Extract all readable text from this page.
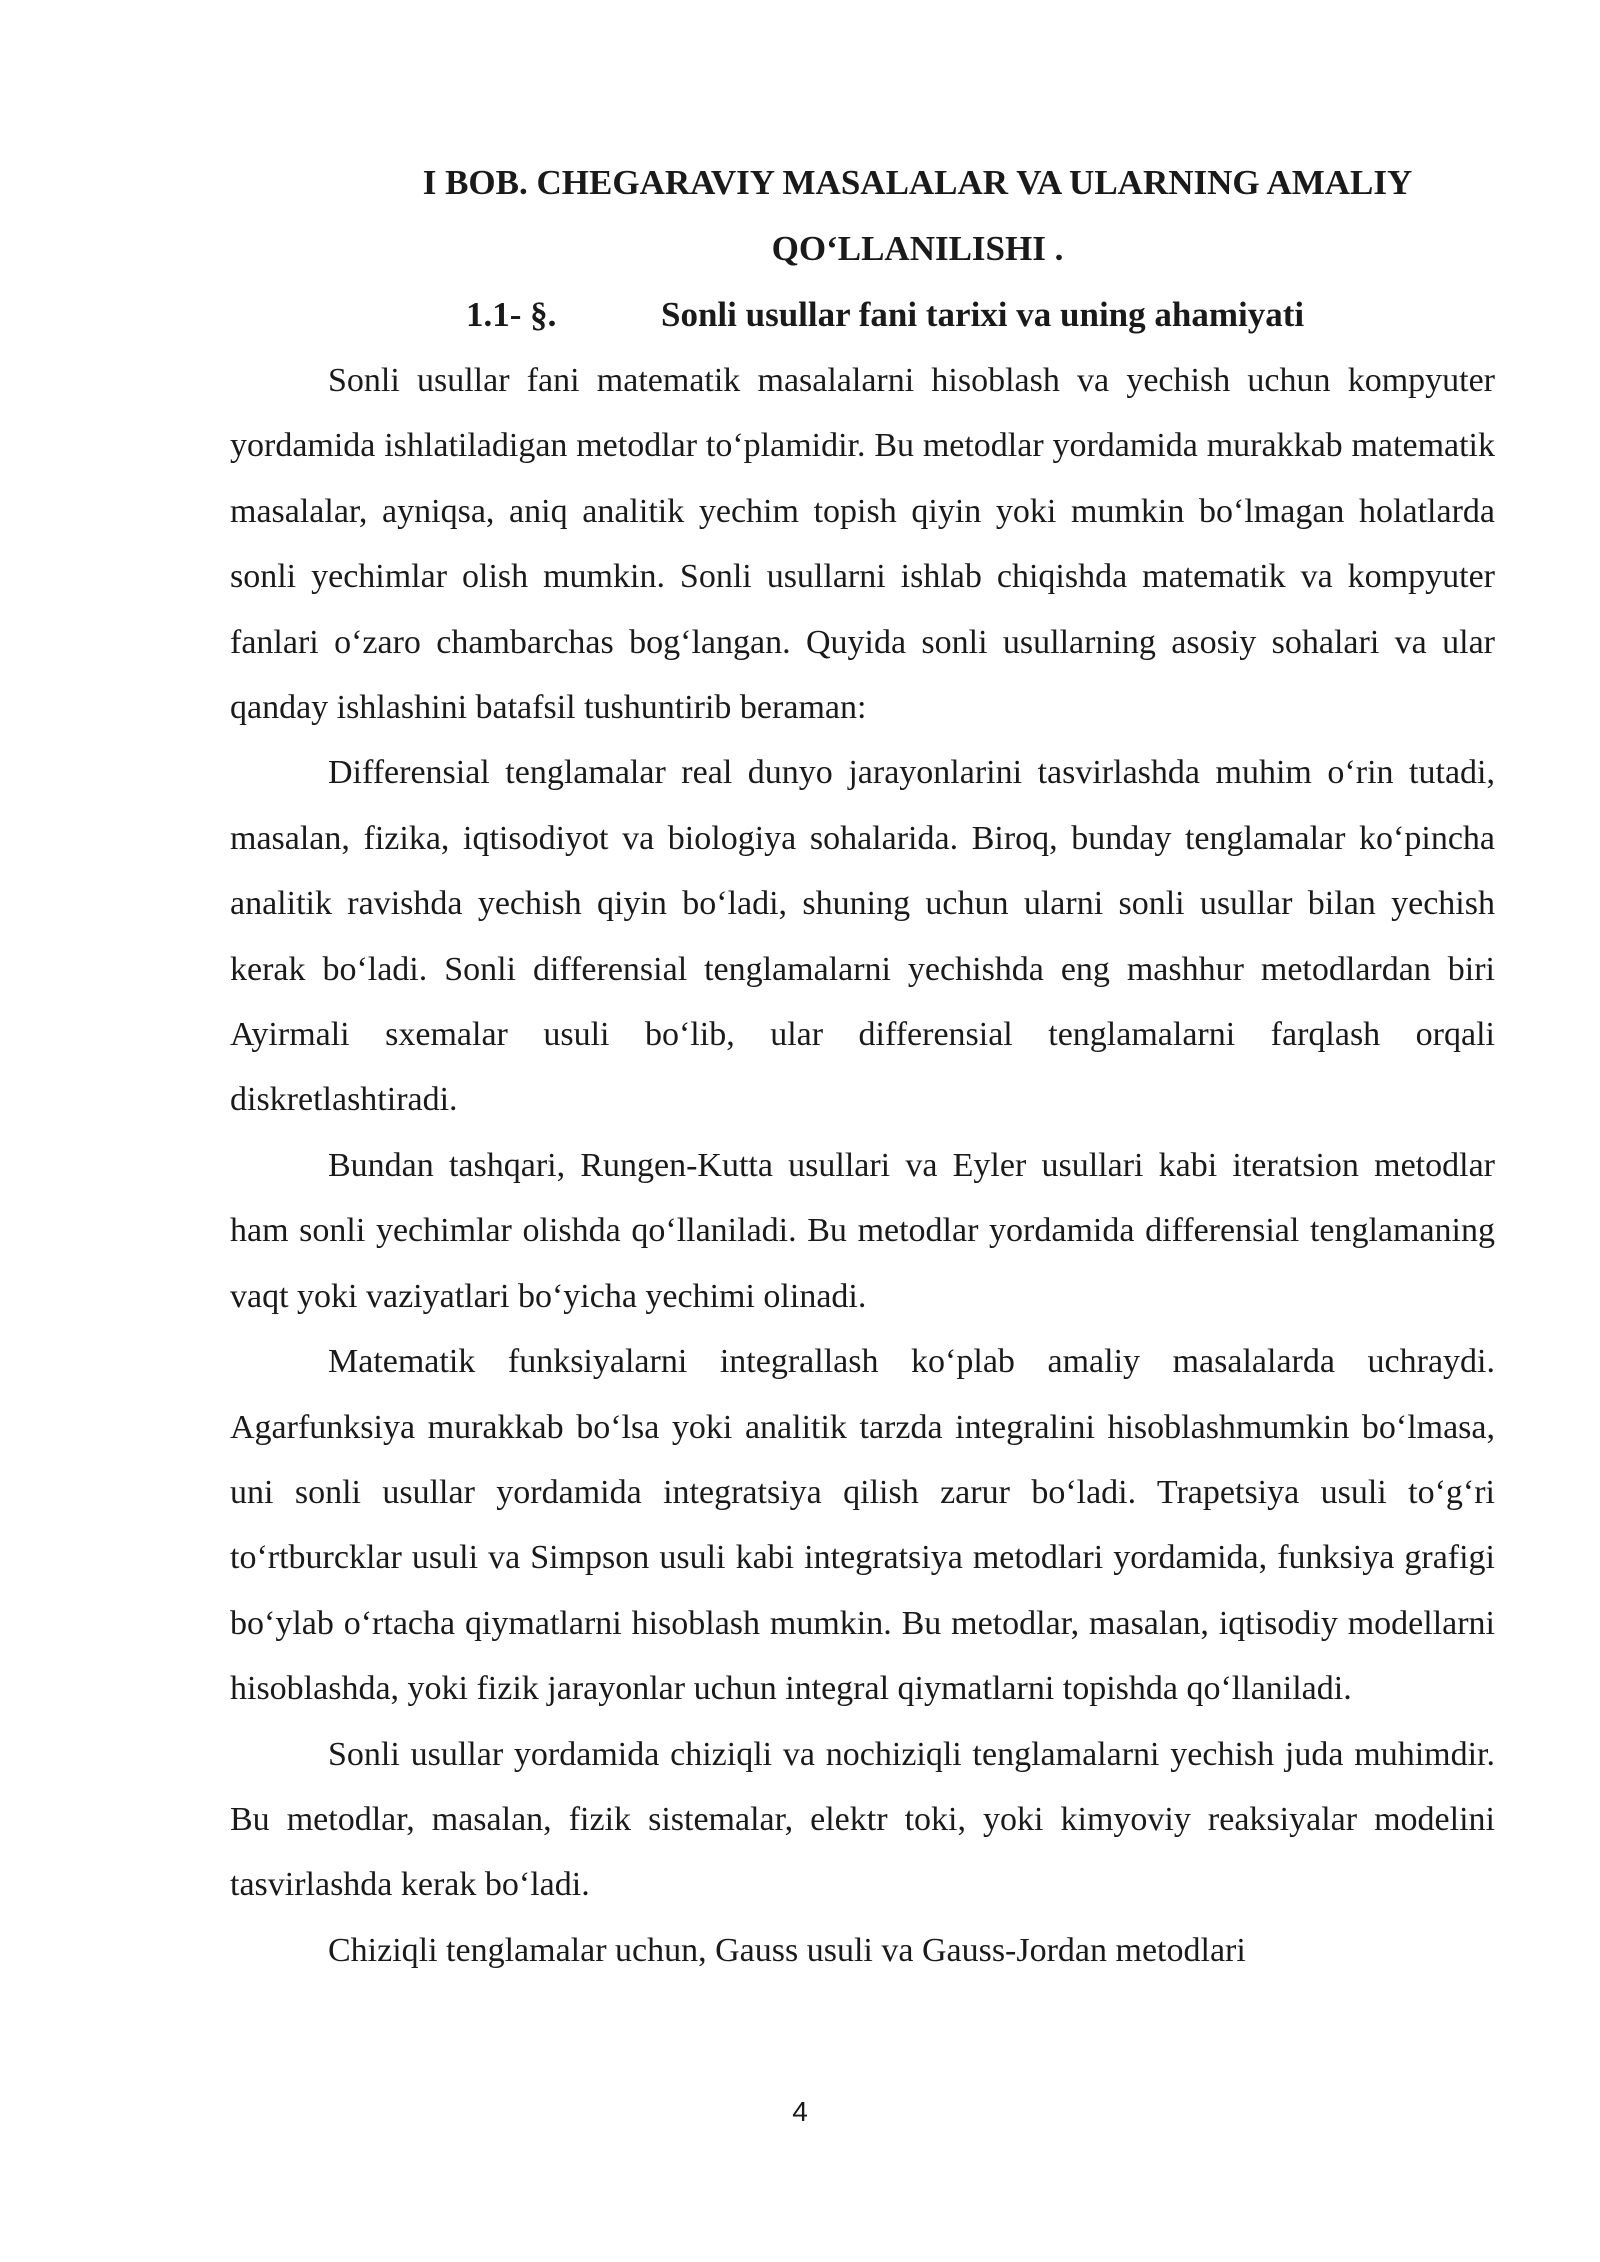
I BOB. CHEGARAVIY MASALALAR VA ULARNING AMALIY
QO‘LLANILISHI .
1.1- §.	Sonli usullar fani tarixi va uning ahamiyati

Sonli usullar fani matematik masalalarni hisoblash va yechish uchun kompyuter yordamida ishlatiladigan metodlar to‘plamidir. Bu metodlar yordamida murakkab matematik masalalar, ayniqsa, aniq analitik yechim topish qiyin yoki mumkin bo‘lmagan holatlarda sonli yechimlar olish mumkin. Sonli usullarni ishlab chiqishda matematik va kompyuter fanlari o‘zaro chambarchas bog‘langan. Quyida sonli usullarning asosiy sohalari va ular qanday ishlashini batafsil tushuntirib beraman:

Differensial tenglamalar real dunyo jarayonlarini tasvirlashda muhim o‘rin tutadi, masalan, fizika, iqtisodiyot va biologiya sohalarida. Biroq, bunday tenglamalar ko‘pincha analitik ravishda yechish qiyin bo‘ladi, shuning uchun ularni sonli usullar bilan yechish kerak bo‘ladi. Sonli differensial tenglamalarni yechishda eng mashhur metodlardan biri Ayirmali sxemalar usuli bo‘lib, ular differensial tenglamalarni farqlash orqali diskretlashtiradi.

Bundan tashqari, Rungen-Kutta usullari va Eyler usullari kabi iteratsion metodlar ham sonli yechimlar olishda qo‘llaniladi. Bu metodlar yordamida differensial tenglamaning vaqt yoki vaziyatlari bo‘yicha yechimi olinadi.

Matematik funksiyalarni integrallash ko‘plab amaliy masalalarda uchraydi. Agarfunksiya murakkab bo‘lsa yoki analitik tarzda integralini hisoblashmumkin bo‘lmasa, uni sonli usullar yordamida integratsiya qilish zarur bo‘ladi. Trapetsiya usuli to‘g‘ri to‘rtburcklar usuli va Simpson usuli kabi integratsiya metodlari yordamida, funksiya grafigi bo‘ylab o‘rtacha qiymatlarni hisoblash mumkin. Bu metodlar, masalan, iqtisodiy modellarni hisoblashda, yoki fizik jarayonlar uchun integral qiymatlarni topishda qo‘llaniladi.

Sonli usullar yordamida chiziqli va nochiziqli tenglamalarni yechish juda muhimdir. Bu metodlar, masalan, fizik sistemalar, elektr toki, yoki kimyoviy reaksiyalar modelini tasvirlashda kerak bo‘ladi.

Chiziqli tenglamalar uchun, Gauss usuli va Gauss-Jordan metodlari

4
